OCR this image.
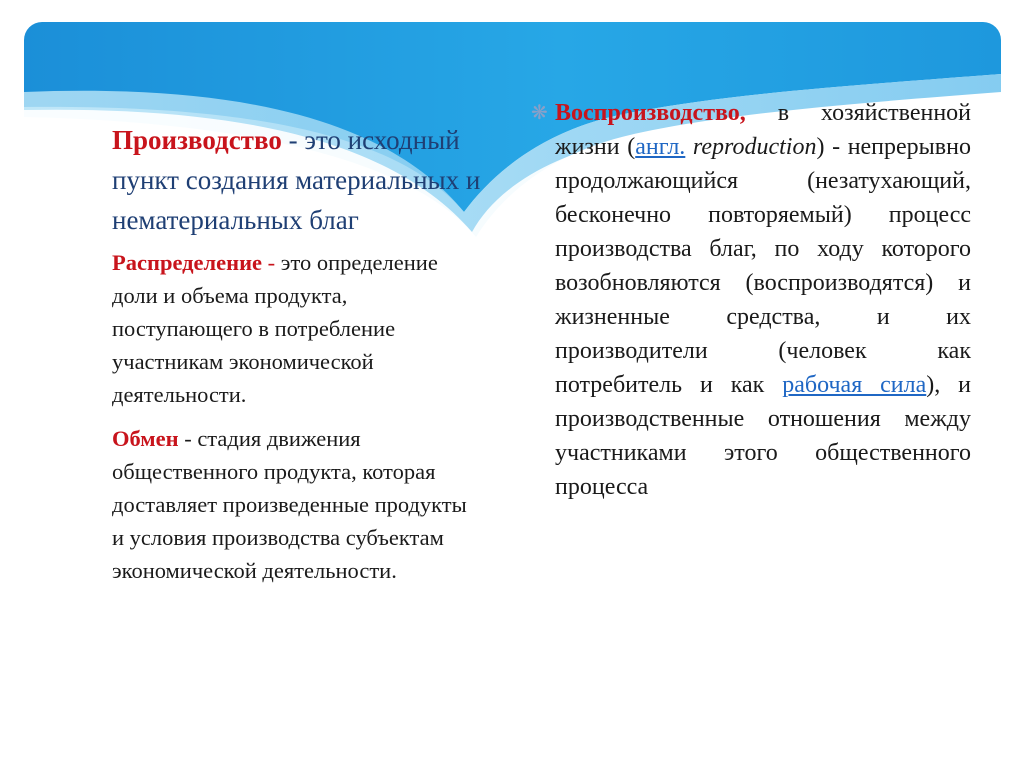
Производство - это исходный пункт создания материальных и нематериальных благ

Распределение - это определение доли и объема продукта, поступающего в потребление участникам экономической деятельности.

Обмен - стадия движения общественного продукта, которая доставляет произведенные продукты и условия производства субъектам экономической деятельности.

❋ Воспроизводство, в хозяйственной жизни (англ. reproduction) - непрерывно продолжающийся (незатухающий, бесконечно повторяемый) процесс производства благ, по ходу которого возобновляются (воспроизводятся) и жизненные средства, и их производители (человек как потребитель и как рабочая сила), и производственные отношения между участниками этого общественного процесса
